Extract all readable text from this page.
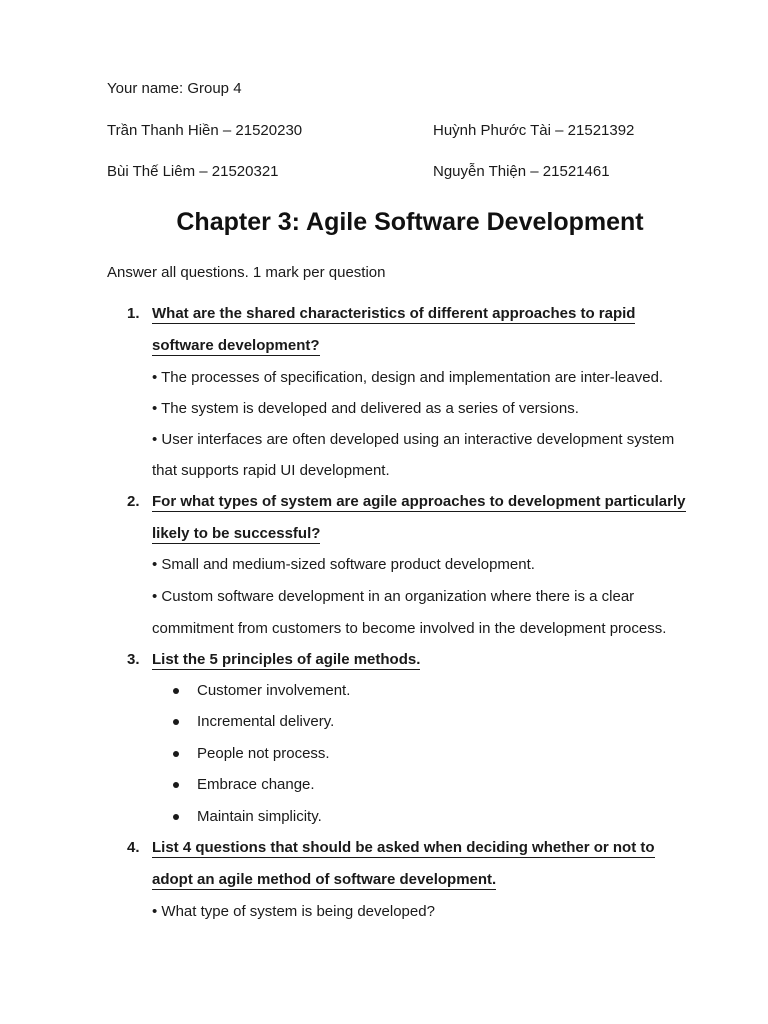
Your name: Group 4
Trần Thanh Hiền – 21520230	Huỳnh Phước Tài – 21521392
Bùi Thế Liêm – 21520321	Nguyễn Thiện – 21521461
Chapter 3: Agile Software Development
Answer all questions. 1 mark per question
1. What are the shared characteristics of different approaches to rapid
software development?
• The processes of specification, design and implementation are inter-leaved.
• The system is developed and delivered as a series of versions.
• User interfaces are often developed using an interactive development system
that supports rapid UI development.
2. For what types of system are agile approaches to development particularly
likely to be successful?
• Small and medium-sized software product development.
• Custom software development in an organization where there is a clear
commitment from customers to become involved in the development process.
3. List the 5 principles of agile methods.
Customer involvement.
Incremental delivery.
People not process.
Embrace change.
Maintain simplicity.
4. List 4 questions that should be asked when deciding whether or not to
adopt an agile method of software development.
• What type of system is being developed?
